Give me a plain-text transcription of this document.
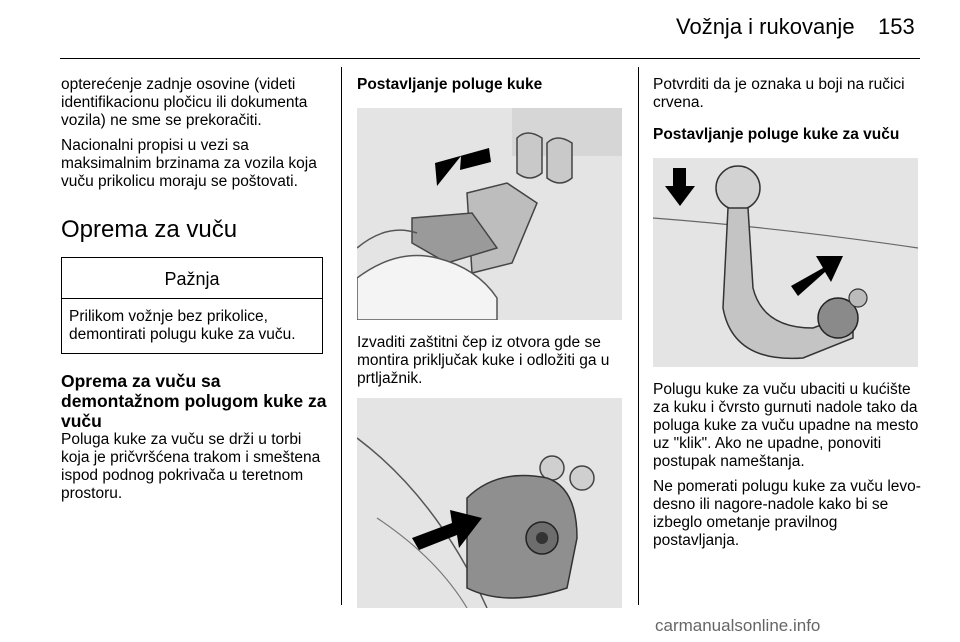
Vožnja i rukovanje 153

opterećenje zadnje osovine (videti identifikacionu pločicu ili dokumenta vozila) ne sme se prekoračiti.

Nacionalni propisi u vezi sa maksimalnim brzinama za vozila koja vuču prikolicu moraju se poštovati.

Oprema za vuču
Pažnja
Prilikom vožnje bez prikolice, demontirati polugu kuke za vuču.
Oprema za vuču sa demontažnom polugom kuke za vuču

Poluga kuke za vuču se drži u torbi koja je pričvršćena trakom i smeštena ispod podnog pokrivača u teretnom prostoru.

Postavljanje poluge kuke

Izvaditi zaštitni čep iz otvora gde se montira priključak kuke i odložiti ga u prtljažnik.

Potvrditi da je oznaka u boji na ručici crvena.

Postavljanje poluge kuke za vuču

Polugu kuke za vuču ubaciti u kućište za kuku i čvrsto gurnuti nadole tako da poluga kuke za vuču upadne na mesto uz "klik". Ako ne upadne, ponoviti postupak nameštanja.

Ne pomerati polugu kuke za vuču levo-desno ili nagore-nadole kako bi se izbeglo ometanje pravilnog postavljanja.

carmanualsonline.info
